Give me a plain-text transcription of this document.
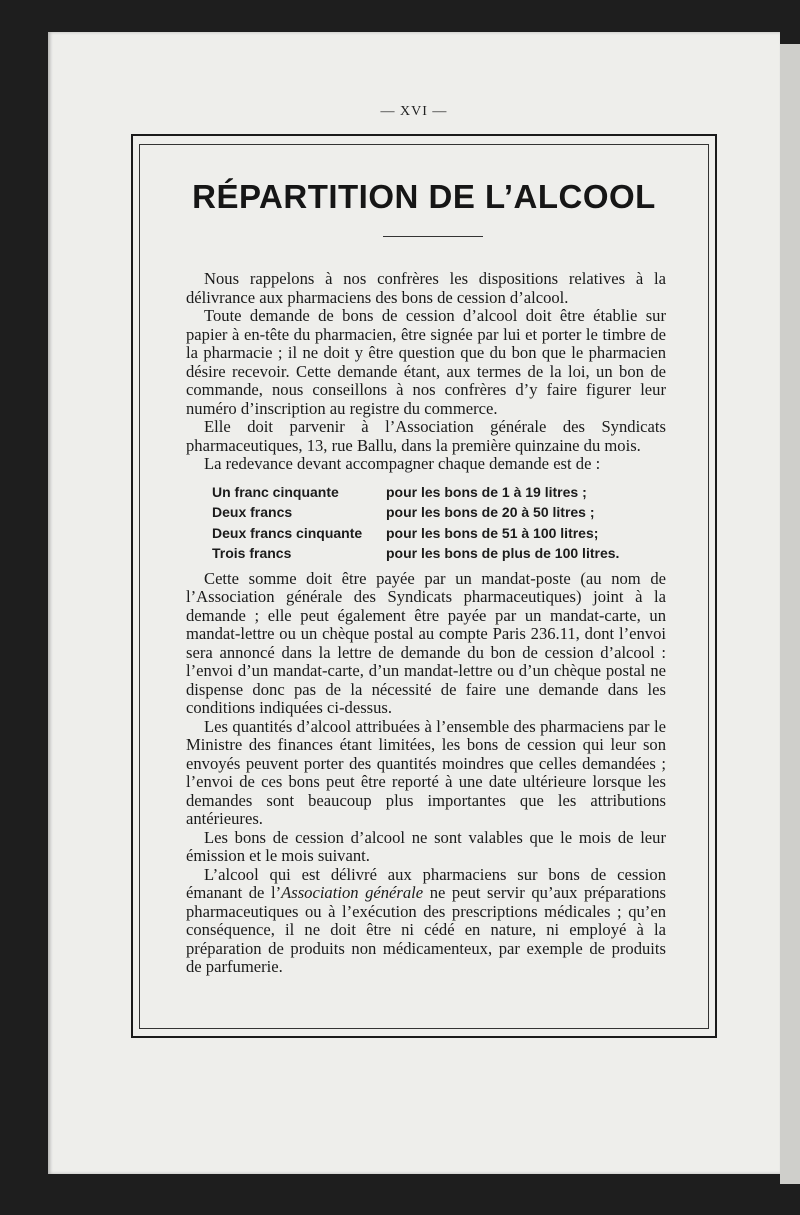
— XVI —
RÉPARTITION DE L’ALCOOL

Nous rappelons à nos confrères les dispositions relatives à la délivrance aux pharmaciens des bons de cession d’alcool.

Toute demande de bons de cession d’alcool doit être établie sur papier à en-tête du pharmacien, être signée par lui et porter le timbre de la pharmacie ; il ne doit y être question que du bon que le pharmacien désire recevoir. Cette demande étant, aux termes de la loi, un bon de commande, nous conseillons à nos confrères d’y faire figurer leur numéro d’inscription au registre du commerce.

Elle doit parvenir à l’Association générale des Syndicats pharmaceutiques, 13, rue Ballu, dans la première quinzaine du mois.

La redevance devant accompagner chaque demande est de :

Un franc cinquante	pour les bons de 1 à 19 litres ;
Deux francs	pour les bons de 20 à 50 litres ;
Deux francs cinquante	pour les bons de 51 à 100 litres;
Trois francs	pour les bons de plus de 100 litres.

Cette somme doit être payée par un mandat-poste (au nom de l’Association générale des Syndicats pharmaceutiques) joint à la demande ; elle peut également être payée par un mandat-carte, un mandat-lettre ou un chèque postal au compte Paris 236.11, dont l’envoi sera annoncé dans la lettre de demande du bon de cession d’alcool : l’envoi d’un mandat-carte, d’un mandat-lettre ou d’un chèque postal ne dispense donc pas de la nécessité de faire une demande dans les conditions indiquées ci-dessus.

Les quantités d’alcool attribuées à l’ensemble des pharmaciens par le Ministre des finances étant limitées, les bons de cession qui leur son envoyés peuvent porter des quantités moindres que celles demandées ; l’envoi de ces bons peut être reporté à une date ultérieure lorsque les demandes sont beaucoup plus importantes que les attributions antérieures.

Les bons de cession d’alcool ne sont valables que le mois de leur émission et le mois suivant.

L’alcool qui est délivré aux pharmaciens sur bons de cession émanant de l’Association générale ne peut servir qu’aux préparations pharmaceutiques ou à l’exécution des prescriptions médicales ; qu’en conséquence, il ne doit être ni cédé en nature, ni employé à la préparation de produits non médicamenteux, par exemple de produits de parfumerie.
